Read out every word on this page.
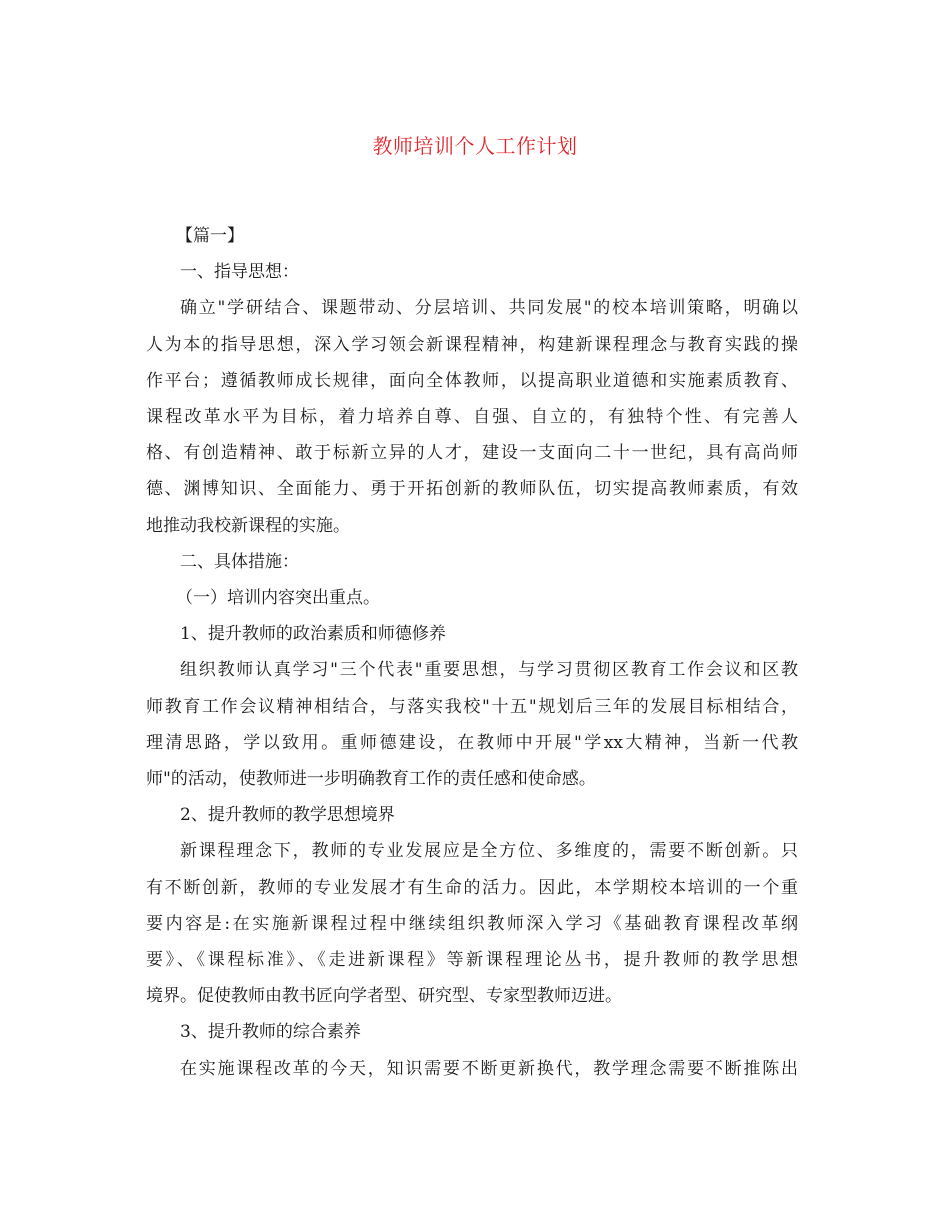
教师培训个人工作计划
【篇一】
一、指导思想：
确立"学研结合、课题带动、分层培训、共同发展"的校本培训策略，明确以
人为本的指导思想，深入学习领会新课程精神，构建新课程理念与教育实践的操
作平台；遵循教师成长规律，面向全体教师，以提高职业道德和实施素质教育、
课程改革水平为目标，着力培养自尊、自强、自立的，有独特个性、有完善人
格、有创造精神、敢于标新立异的人才，建设一支面向二十一世纪，具有高尚师
德、渊博知识、全面能力、勇于开拓创新的教师队伍，切实提高教师素质，有效
地推动我校新课程的实施。
二、具体措施：
（一）培训内容突出重点。
1、提升教师的政治素质和师德修养
组织教师认真学习"三个代表"重要思想，与学习贯彻区教育工作会议和区教
师教育工作会议精神相结合，与落实我校"十五"规划后三年的发展目标相结合，
理清思路，学以致用。重师德建设，在教师中开展"学xx大精神，当新一代教
师"的活动，使教师进一步明确教育工作的责任感和使命感。
2、提升教师的教学思想境界
新课程理念下，教师的专业发展应是全方位、多维度的，需要不断创新。只
有不断创新，教师的专业发展才有生命的活力。因此，本学期校本培训的一个重
要内容是:在实施新课程过程中继续组织教师深入学习《基础教育课程改革纲
要》、《课程标准》、《走进新课程》等新课程理论丛书，提升教师的教学思想
境界。促使教师由教书匠向学者型、研究型、专家型教师迈进。
3、提升教师的综合素养
在实施课程改革的今天，知识需要不断更新换代，教学理念需要不断推陈出
